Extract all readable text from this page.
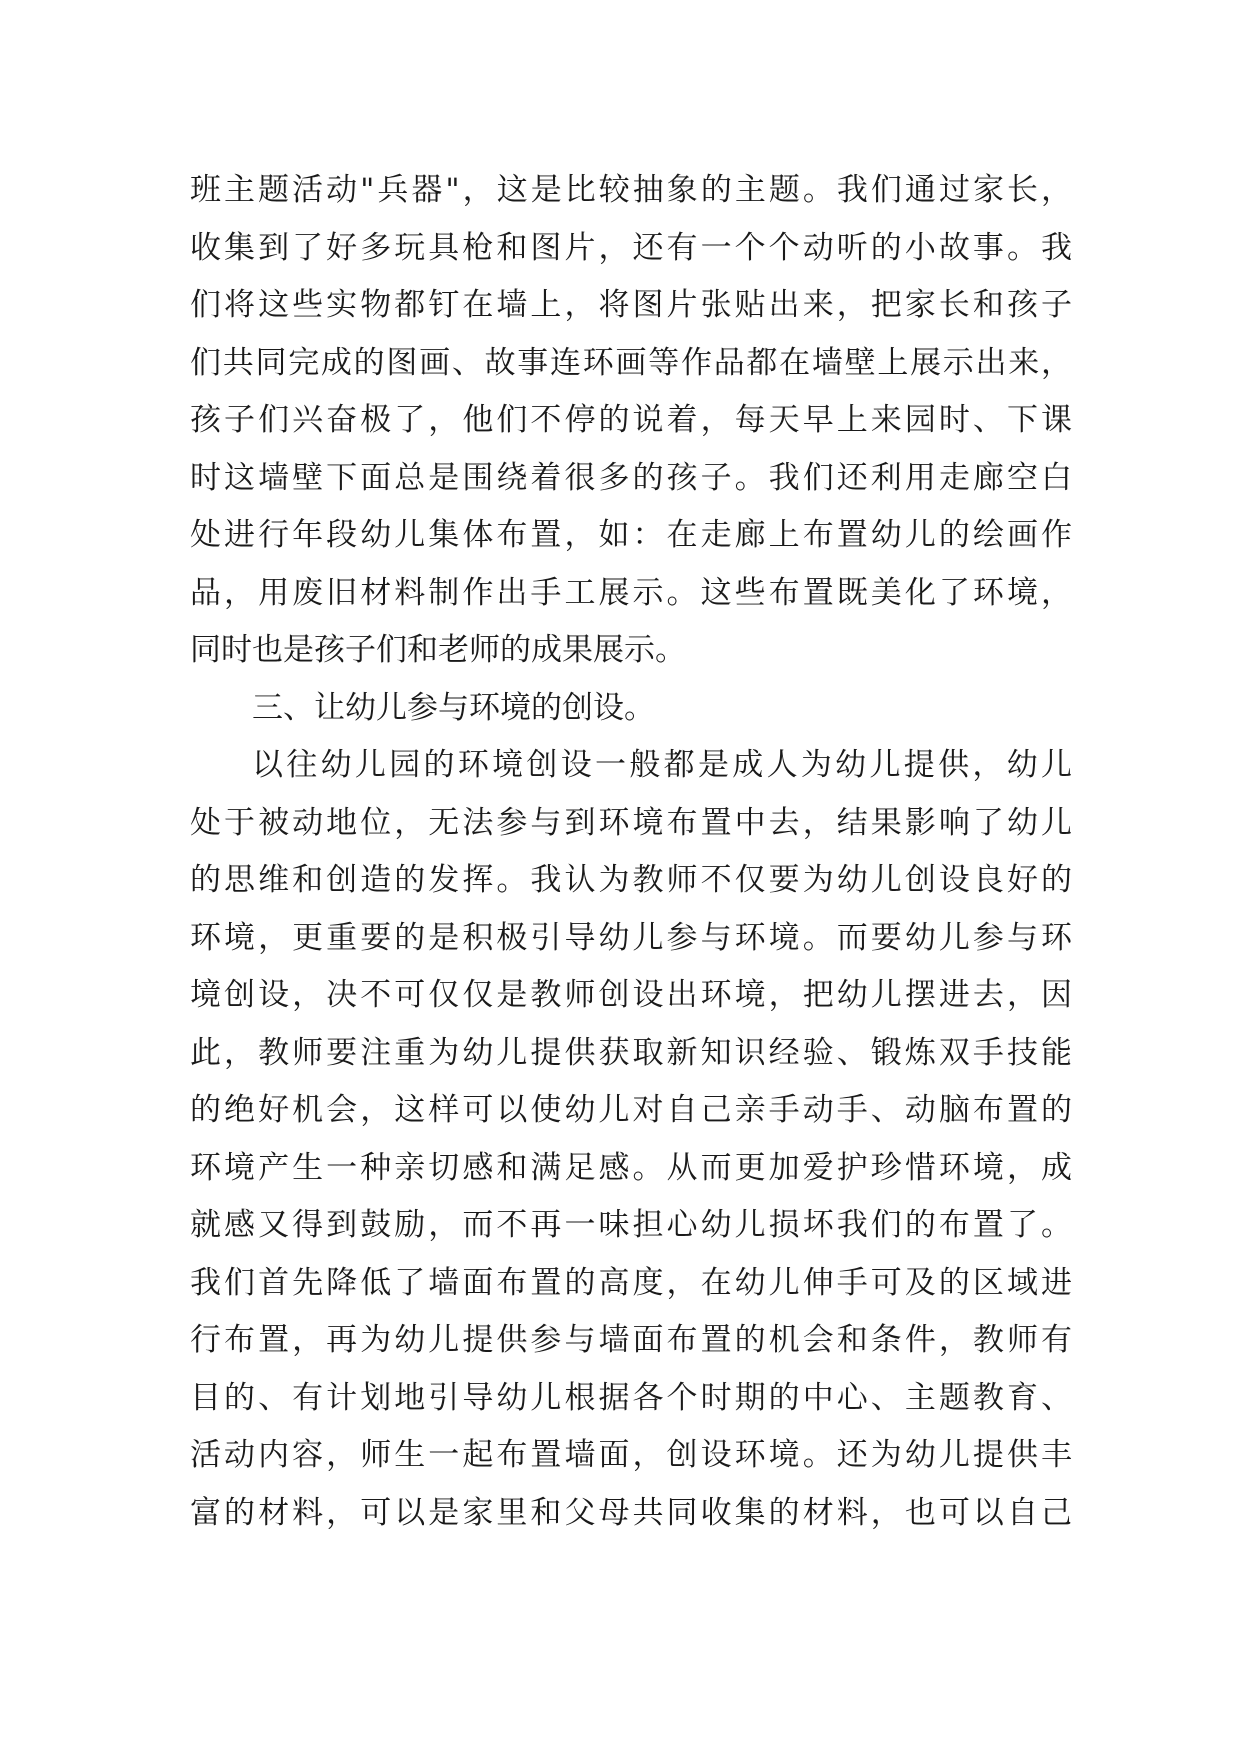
班主题活动"兵器"，这是比较抽象的主题。我们通过家长，
收集到了好多玩具枪和图片，还有一个个动听的小故事。我
们将这些实物都钉在墙上，将图片张贴出来，把家长和孩子
们共同完成的图画、故事连环画等作品都在墙壁上展示出来，
孩子们兴奋极了，他们不停的说着，每天早上来园时、下课
时这墙壁下面总是围绕着很多的孩子。我们还利用走廊空白
处进行年段幼儿集体布置，如：在走廊上布置幼儿的绘画作
品，用废旧材料制作出手工展示。这些布置既美化了环境，
同时也是孩子们和老师的成果展示。
三、让幼儿参与环境的创设。
以往幼儿园的环境创设一般都是成人为幼儿提供，幼儿
处于被动地位，无法参与到环境布置中去，结果影响了幼儿
的思维和创造的发挥。我认为教师不仅要为幼儿创设良好的
环境，更重要的是积极引导幼儿参与环境。而要幼儿参与环
境创设，决不可仅仅是教师创设出环境，把幼儿摆进去，因
此，教师要注重为幼儿提供获取新知识经验、锻炼双手技能
的绝好机会，这样可以使幼儿对自己亲手动手、动脑布置的
环境产生一种亲切感和满足感。从而更加爱护珍惜环境，成
就感又得到鼓励，而不再一味担心幼儿损坏我们的布置了。
我们首先降低了墙面布置的高度，在幼儿伸手可及的区域进
行布置，再为幼儿提供参与墙面布置的机会和条件，教师有
目的、有计划地引导幼儿根据各个时期的中心、主题教育、
活动内容，师生一起布置墙面，创设环境。还为幼儿提供丰
富的材料，可以是家里和父母共同收集的材料，也可以自己
